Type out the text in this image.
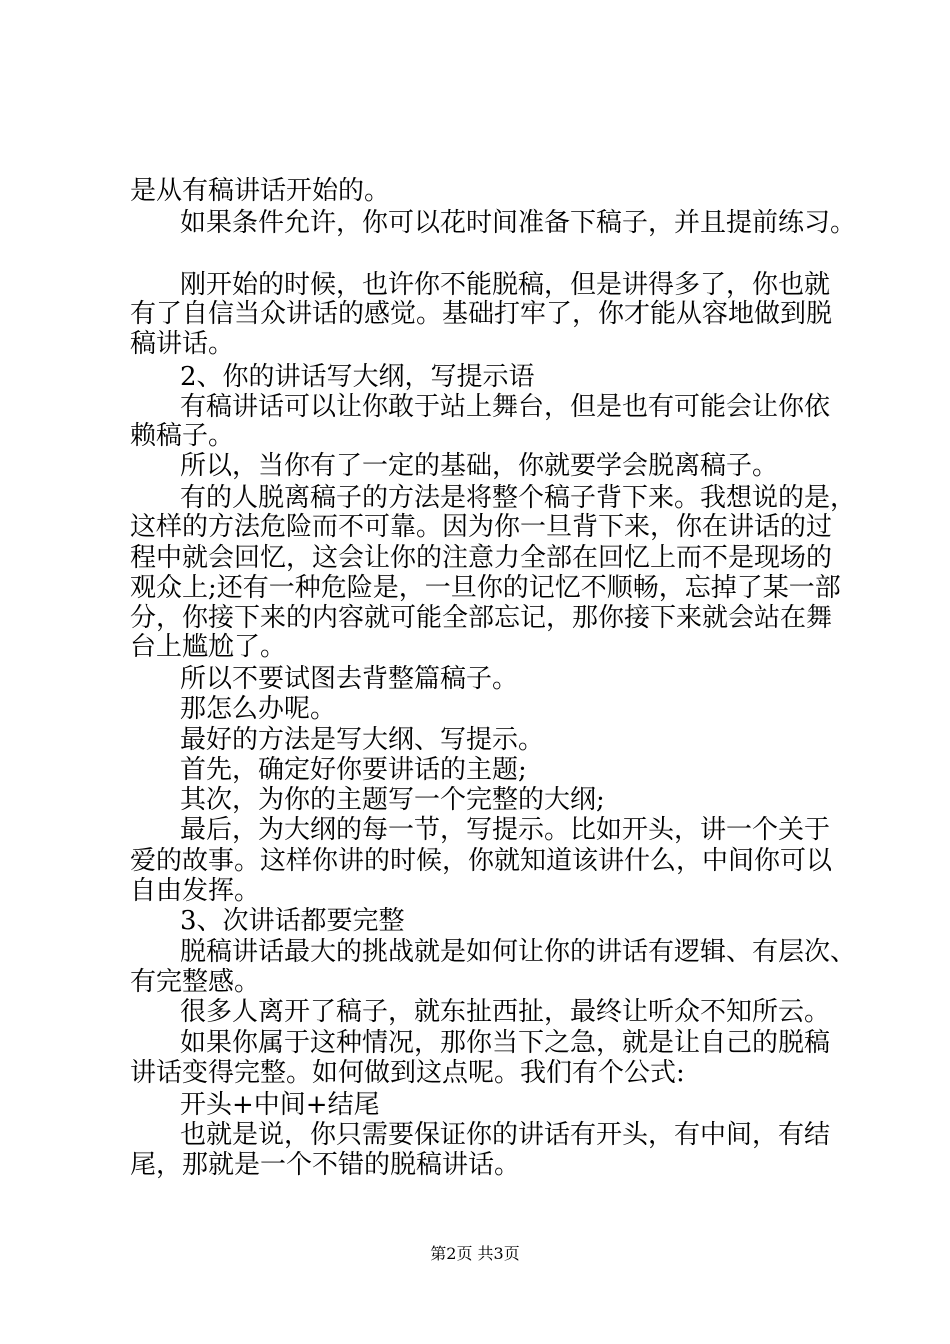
是从有稿讲话开始的。
如果条件允许，你可以花时间准备下稿子，并且提前练习。
刚开始的时候，也许你不能脱稿，但是讲得多了，你也就
有了自信当众讲话的感觉。基础打牢了，你才能从容地做到脱
稿讲话。
2、你的讲话写大纲，写提示语
有稿讲话可以让你敢于站上舞台，但是也有可能会让你依
赖稿子。
所以，当你有了一定的基础，你就要学会脱离稿子。
有的人脱离稿子的方法是将整个稿子背下来。我想说的是，
这样的方法危险而不可靠。因为你一旦背下来，你在讲话的过
程中就会回忆，这会让你的注意力全部在回忆上而不是现场的
观众上;还有一种危险是，一旦你的记忆不顺畅，忘掉了某一部
分，你接下来的内容就可能全部忘记，那你接下来就会站在舞
台上尴尬了。
所以不要试图去背整篇稿子。
那怎么办呢。
最好的方法是写大纲、写提示。
首先，确定好你要讲话的主题;
其次，为你的主题写一个完整的大纲;
最后，为大纲的每一节，写提示。比如开头，讲一个关于
爱的故事。这样你讲的时候，你就知道该讲什么，中间你可以
自由发挥。
3、次讲话都要完整
脱稿讲话最大的挑战就是如何让你的讲话有逻辑、有层次、
有完整感。
很多人离开了稿子，就东扯西扯，最终让听众不知所云。
如果你属于这种情况，那你当下之急，就是让自己的脱稿
讲话变得完整。如何做到这点呢。我们有个公式:
开头+中间+结尾
也就是说，你只需要保证你的讲话有开头，有中间，有结
尾，那就是一个不错的脱稿讲话。
第2页 共3页
